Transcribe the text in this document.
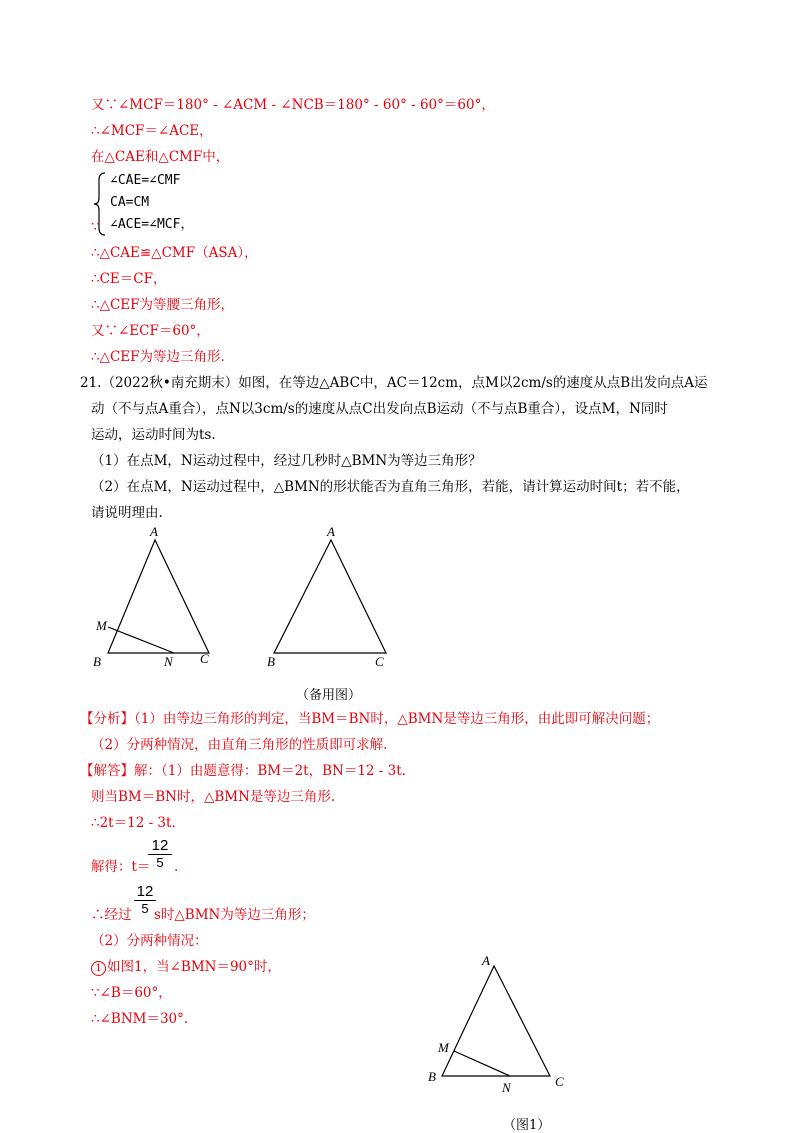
又∵∠MCF＝180° - ∠ACM - ∠NCB＝180° - 60° - 60°＝60°，
∴∠MCF＝∠ACE，
在△CAE和△CMF中，
∠CAE=∠CMF
CA=CM
∠ACE=∠MCF，
∵
∴△CAE≌△CMF（ASA），
∴CE＝CF，
∴△CEF为等腰三角形，
又∵∠ECF＝60°，
∴△CEF为等边三角形.
21.（2022秋•南充期末）如图，在等边△ABC中，AC＝12cm，点M以2cm/s的速度从点B出发向点A运
动（不与点A重合），点N以3cm/s的速度从点C出发向点B运动（不与点B重合），设点M，N同时
运动，运动时间为ts.
（1）在点M，N运动过程中，经过几秒时△BMN为等边三角形？
（2）在点M，N运动过程中，△BMN的形状能否为直角三角形，若能，请计算运动时间t；若不能，
请说明理由.
A
M
B	N C
A
B	C
（备用图）
【分析】（1）由等边三角形的判定，当BM＝BN时，△BMN是等边三角形，由此即可解决问题；
（2）分两种情况，由直角三角形的性质即可求解.
【解答】解：（1）由题意得：BM＝2t，BN＝12 - 3t.
则当BM＝BN时，△BMN是等边三角形.
∴2t＝12 - 3t.
解得：t＝
12
5 .
12
5
∴经过 s时△BMN为等边三角形；
（2）分两种情况：
1 如图1，当∠BMN＝90°时，
∵∠B＝60°，
∴∠BNM＝30°.
A
M
B
N	C
（图1）
